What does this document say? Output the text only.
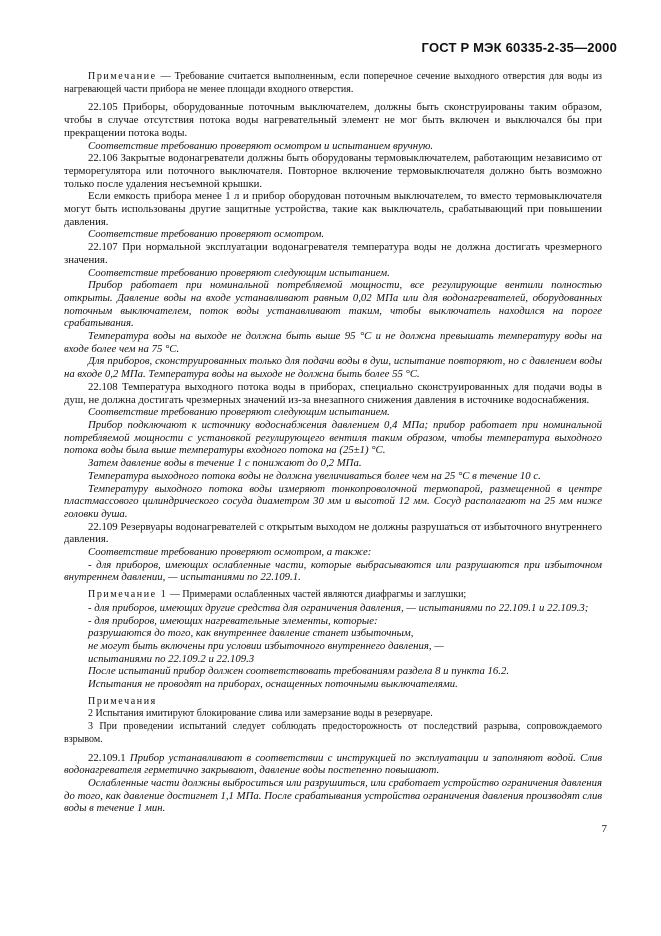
ГОСТ Р МЭК 60335-2-35—2000

Примечание — Требование считается выполненным, если поперечное сечение выходного отверстия для воды из нагревающей части прибора не менее площади входного отверстия.

22.105 Приборы, оборудованные поточным выключателем, должны быть сконструированы таким образом, чтобы в случае отсутствия потока воды нагревательный элемент не мог быть включен и выключался бы при прекращении потока воды.

Соответствие требованию проверяют осмотром и испытанием вручную.

22.106 Закрытые водонагреватели должны быть оборудованы термовыключателем, работающим независимо от терморегулятора или поточного выключателя. Повторное включение термовыключателя должно быть возможно только после удаления несъемной крышки.

Если емкость прибора менее 1 л и прибор оборудован поточным выключателем, то вместо термовыключателя могут быть использованы другие защитные устройства, такие как выключатель, срабатывающий при повышении давления.

Соответствие требованию проверяют осмотром.

22.107 При нормальной эксплуатации водонагревателя температура воды не должна достигать чрезмерного значения.

Соответствие требованию проверяют следующим испытанием.

Прибор работает при номинальной потребляемой мощности, все регулирующие вентили полностью открыты. Давление воды на входе устанавливают равным 0,02 МПа или для водонагревателей, оборудованных поточным выключателем, поток воды устанавливают таким, чтобы выключатель находился на пороге срабатывания.

Температура воды на выходе не должна быть выше 95 °С и не должна превышать температуру воды на входе более чем на 75 °С.

Для приборов, сконструированных только для подачи воды в душ, испытание повторяют, но с давлением воды на входе 0,2 МПа. Температура воды на выходе не должна быть более 55 °С.

22.108 Температура выходного потока воды в приборах, специально сконструированных для подачи воды в душ, не должна достигать чрезмерных значений из-за внезапного снижения давления в источнике водоснабжения.

Соответствие требованию проверяют следующим испытанием.

Прибор подключают к источнику водоснабжения давлением 0,4 МПа; прибор работает при номинальной потребляемой мощности с установкой регулирующего вентиля таким образом, чтобы температура выходного потока воды была выше температуры входного потока на (25±1) °С.

Затем давление воды в течение 1 с понижают до 0,2 МПа.

Температура выходного потока воды не должна увеличиваться более чем на 25 °С в течение 10 с.

Температуру выходного потока воды измеряют тонкопроволочной термопарой, размещенной в центре пластмассового цилиндрического сосуда диаметром 30 мм и высотой 12 мм. Сосуд располагают на 25 мм ниже головки душа.

22.109 Резервуары водонагревателей с открытым выходом не должны разрушаться от избыточного внутреннего давления.

Соответствие требованию проверяют осмотром, а также:

- для приборов, имеющих ослабленные части, которые выбрасываются или разрушаются при избыточном внутреннем давлении, — испытаниями по 22.109.1.

Примечание 1 — Примерами ослабленных частей являются диафрагмы и заглушки;

- для приборов, имеющих другие средства для ограничения давления, — испытаниями по 22.109.1 и 22.109.3;

- для приборов, имеющих нагревательные элементы, которые:

разрушаются до того, как внутреннее давление станет избыточным,

не могут быть включены при условии избыточного внутреннего давления, —

испытаниями по 22.109.2 и 22.109.3

После испытаний прибор должен соответствовать требованиям раздела 8 и пункта 16.2.

Испытания не проводят на приборах, оснащенных поточными выключателями.

Примечания

2 Испытания имитируют блокирование слива или замерзание воды в резервуаре.

3 При проведении испытаний следует соблюдать предосторожность от последствий разрыва, сопровождаемого взрывом.

22.109.1 Прибор устанавливают в соответствии с инструкцией по эксплуатации и заполняют водой. Слив водонагревателя герметично закрывают, давление воды постепенно повышают.

Ослабленные части должны выброситься или разрушиться, или сработает устройство ограничения давления до того, как давление достигнет 1,1 МПа. После срабатывания устройства ограничения давления производят слив воды в течение 1 мин.

7
